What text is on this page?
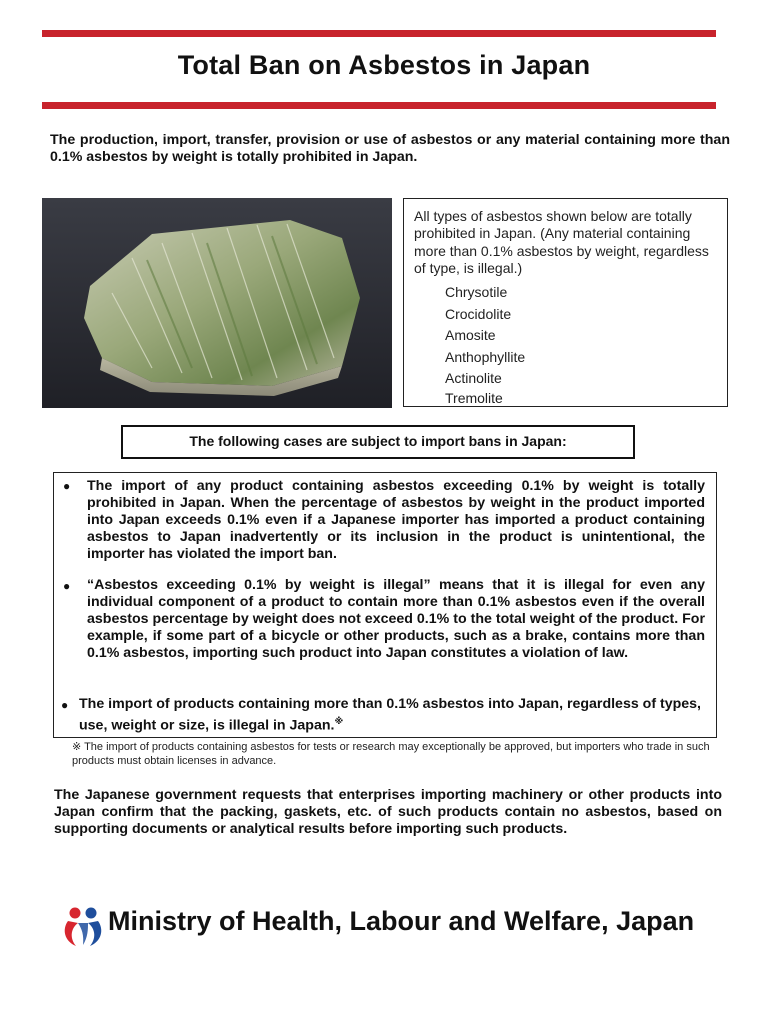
Total Ban on Asbestos in Japan
The production, import, transfer, provision or use of asbestos or any material containing more than 0.1% asbestos by weight is totally prohibited in Japan.
All types of asbestos shown below are totally prohibited in Japan. (Any material containing more than 0.1% asbestos by weight, regardless of type, is illegal.)
Chrysotile
Crocidolite
Amosite
Anthophyllite
Actinolite
Tremolite
The following cases are subject to import bans in Japan:
● The import of any product containing asbestos exceeding 0.1% by weight is totally prohibited in Japan. When the percentage of asbestos by weight in the product imported into Japan exceeds 0.1% even if a Japanese importer has imported a product containing asbestos to Japan inadvertently or its inclusion in the product is unintentional, the importer has violated the import ban.
● “Asbestos exceeding 0.1% by weight is illegal” means that it is illegal for even any individual component of a product to contain more than 0.1% asbestos even if the overall asbestos percentage by weight does not exceed 0.1% to the total weight of the product. For example, if some part of a bicycle or other products, such as a brake, contains more than 0.1% asbestos, importing such product into Japan constitutes a violation of law.
● The import of products containing more than 0.1% asbestos into Japan, regardless of types, use, weight or size, is illegal in Japan.※
※ The import of products containing asbestos for tests or research may exceptionally be approved, but importers who trade in such products must obtain licenses in advance.
The Japanese government requests that enterprises importing machinery or other products into Japan confirm that the packing, gaskets, etc. of such products contain no asbestos, based on supporting documents or analytical results before importing such products.
Ministry of Health, Labour and Welfare, Japan
